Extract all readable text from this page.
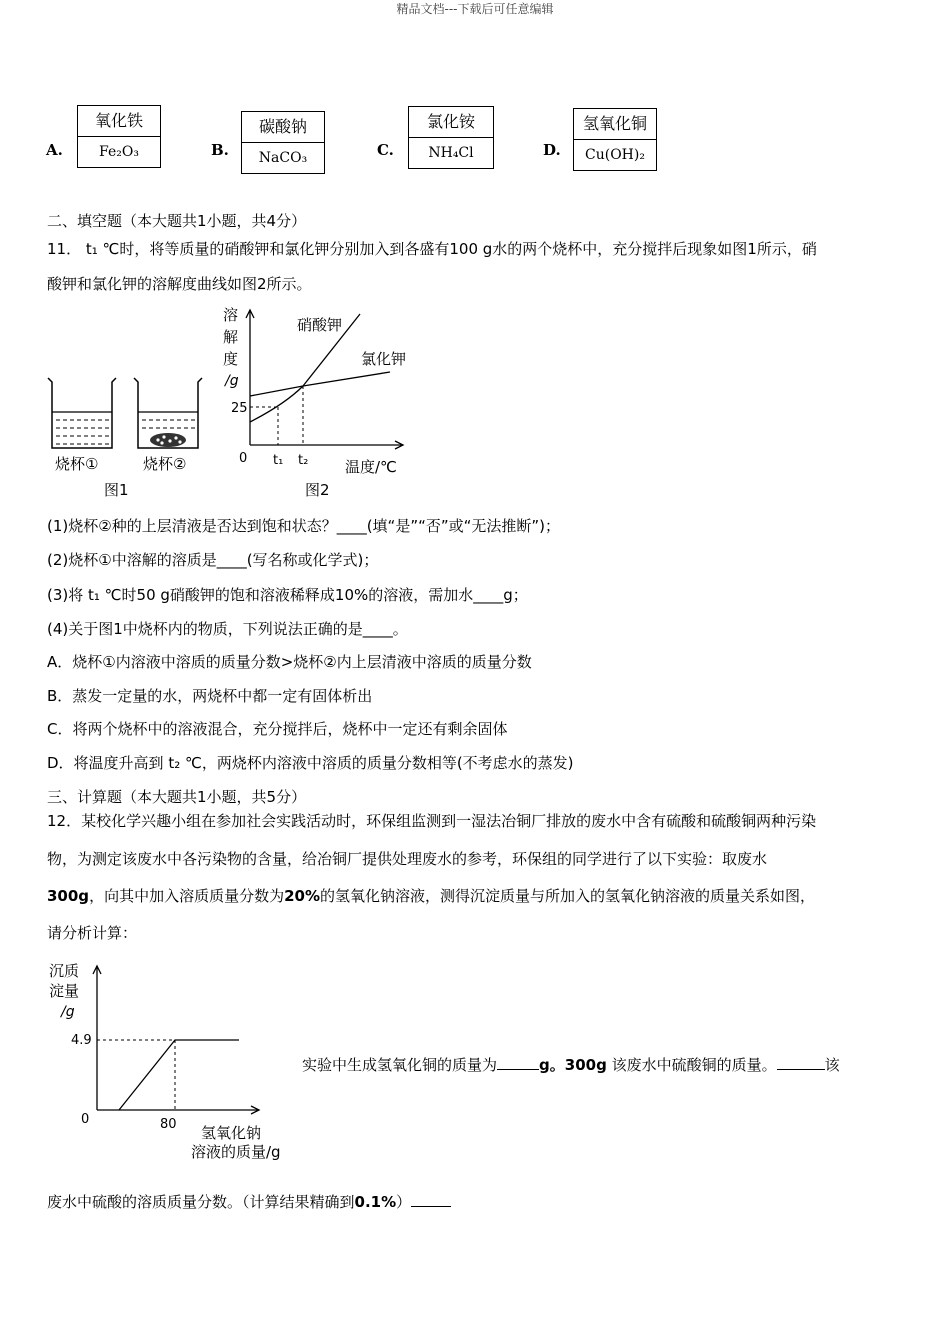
精品文档---下载后可任意编辑
A.
氧化铁
Fe₂O₃	B.
碳酸钠
NaCO₃	C.
氯化铵
NH₄Cl	D.
氢氧化铜
Cu(OH)₂
二、填空题（本大题共1小题，共4分）
11． t₁ ℃时，将等质量的硝酸钾和氯化钾分别加入到各盛有100 g水的两个烧杯中，充分搅拌后现象如图1所示，硝
酸钾和氯化钾的溶解度曲线如图2所示。
烧杯①	烧杯②
图1
溶
解
度
/g
硝酸钾
氯化钾
25
0 t₁ t₂ 温度/℃
图2
(1)烧杯②种的上层清液是否达到饱和状态？____(填“是”“否”或“无法推断”)；
(2)烧杯①中溶解的溶质是____(写名称或化学式)；
(3)将 t₁ ℃时50 g硝酸钾的饱和溶液稀释成10%的溶液，需加水____g；
(4)关于图1中烧杯内的物质，下列说法正确的是____。
A．烧杯①内溶液中溶质的质量分数>烧杯②内上层清液中溶质的质量分数
B．蒸发一定量的水，两烧杯中都一定有固体析出
C．将两个烧杯中的溶液混合，充分搅拌后，烧杯中一定还有剩余固体
D．将温度升高到 t₂ ℃，两烧杯内溶液中溶质的质量分数相等(不考虑水的蒸发)
三、计算题（本大题共1小题，共5分）
12．某校化学兴趣小组在参加社会实践活动时，环保组监测到一湿法冶铜厂排放的废水中含有硫酸和硫酸铜两种污染
物，为测定该废水中各污染物的含量，给冶铜厂提供处理废水的参考，环保组的同学进行了以下实验：取废水
300g，向其中加入溶质质量分数为20%的氢氧化钠溶液，测得沉淀质量与所加入的氢氧化钠溶液的质量关系如图，
请分析计算：
沉质
淀量
/g
4.9
0	80 氢氧化钠
溶液的质量/g
实验中生成氢氧化铜的质量为	g。300g 该废水中硫酸铜的质量。	该
废水中硫酸的溶质质量分数。（计算结果精确到0.1%）
